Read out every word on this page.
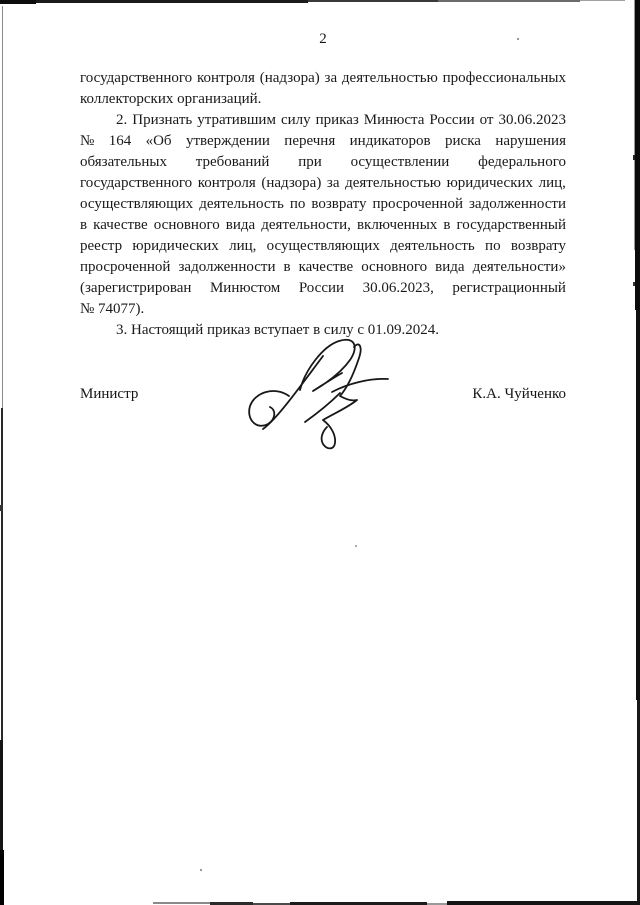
2
государственного контроля (надзора) за деятельностью профессиональных
коллекторских организаций.
2. Признать утратившим силу приказ Минюста России от 30.06.2023
№ 164 «Об утверждении перечня индикаторов риска нарушения
обязательных требований при осуществлении федерального
государственного контроля (надзора) за деятельностью юридических лиц,
осуществляющих деятельность по возврату просроченной задолженности
в качестве основного вида деятельности, включенных в государственный
реестр юридических лиц, осуществляющих деятельность по возврату
просроченной задолженности в качестве основного вида деятельности»
(зарегистрирован Минюстом России 30.06.2023, регистрационный
№ 74077).
3. Настоящий приказ вступает в силу с 01.09.2024.
Министр	К.А. Чуйченко
